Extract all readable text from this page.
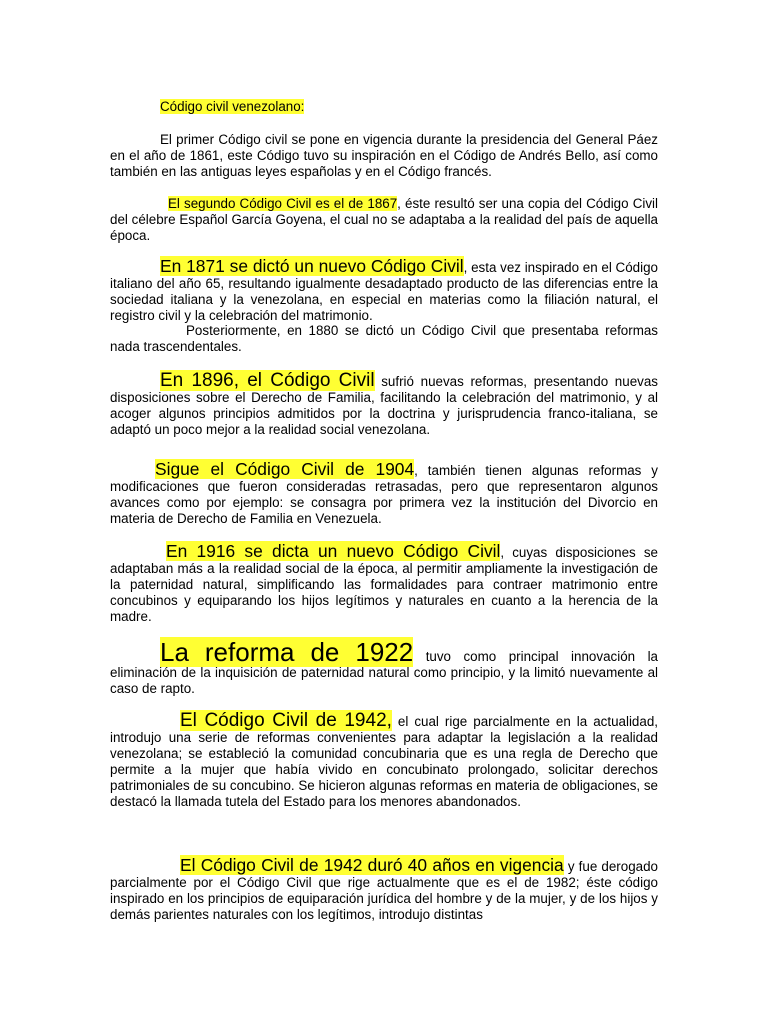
Código civil venezolano:

El primer Código civil se pone en vigencia durante la presidencia del General Páez en el año de 1861, este Código tuvo su inspiración en el Código de Andrés Bello, así como también en las antiguas leyes españolas y en el Código francés.

El segundo Código Civil es el de 1867, éste resultó ser una copia del Código Civil del célebre Español García Goyena, el cual no se adaptaba a la realidad del país de aquella época.

En 1871 se dictó un nuevo Código Civil, esta vez inspirado en el Código italiano del año 65, resultando igualmente desadaptado producto de las diferencias entre la sociedad italiana y la venezolana, en especial en materias como la filiación natural, el registro civil y la celebración del matrimonio.

Posteriormente, en 1880 se dictó un Código Civil que presentaba reformas nada trascendentales.

En 1896, el Código Civil sufrió nuevas reformas, presentando nuevas disposiciones sobre el Derecho de Familia, facilitando la celebración del matrimonio, y al acoger algunos principios admitidos por la doctrina y jurisprudencia franco-italiana, se adaptó un poco mejor a la realidad social venezolana.

Sigue el Código Civil de 1904, también tienen algunas reformas y modificaciones que fueron consideradas retrasadas, pero que representaron algunos avances como por ejemplo: se consagra por primera vez la institución del Divorcio en materia de Derecho de Familia en Venezuela.

En 1916 se dicta un nuevo Código Civil, cuyas disposiciones se adaptaban más a la realidad social de la época, al permitir ampliamente la investigación de la paternidad natural, simplificando las formalidades para contraer matrimonio entre concubinos y equiparando los hijos legítimos y naturales en cuanto a la herencia de la madre.

La reforma de 1922 tuvo como principal innovación la eliminación de la inquisición de paternidad natural como principio, y la limitó nuevamente al caso de rapto.

El Código Civil de 1942, el cual rige parcialmente en la actualidad, introdujo una serie de reformas convenientes para adaptar la legislación a la realidad venezolana; se estableció la comunidad concubinaria que es una regla de Derecho que permite a la mujer que había vivido en concubinato prolongado, solicitar derechos patrimoniales de su concubino. Se hicieron algunas reformas en materia de obligaciones, se destacó la llamada tutela del Estado para los menores abandonados.

El Código Civil de 1942 duró 40 años en vigencia y fue derogado parcialmente por el Código Civil que rige actualmente que es el de 1982; éste código inspirado en los principios de equiparación jurídica del hombre y de la mujer, y de los hijos y demás parientes naturales con los legítimos, introdujo distintas
